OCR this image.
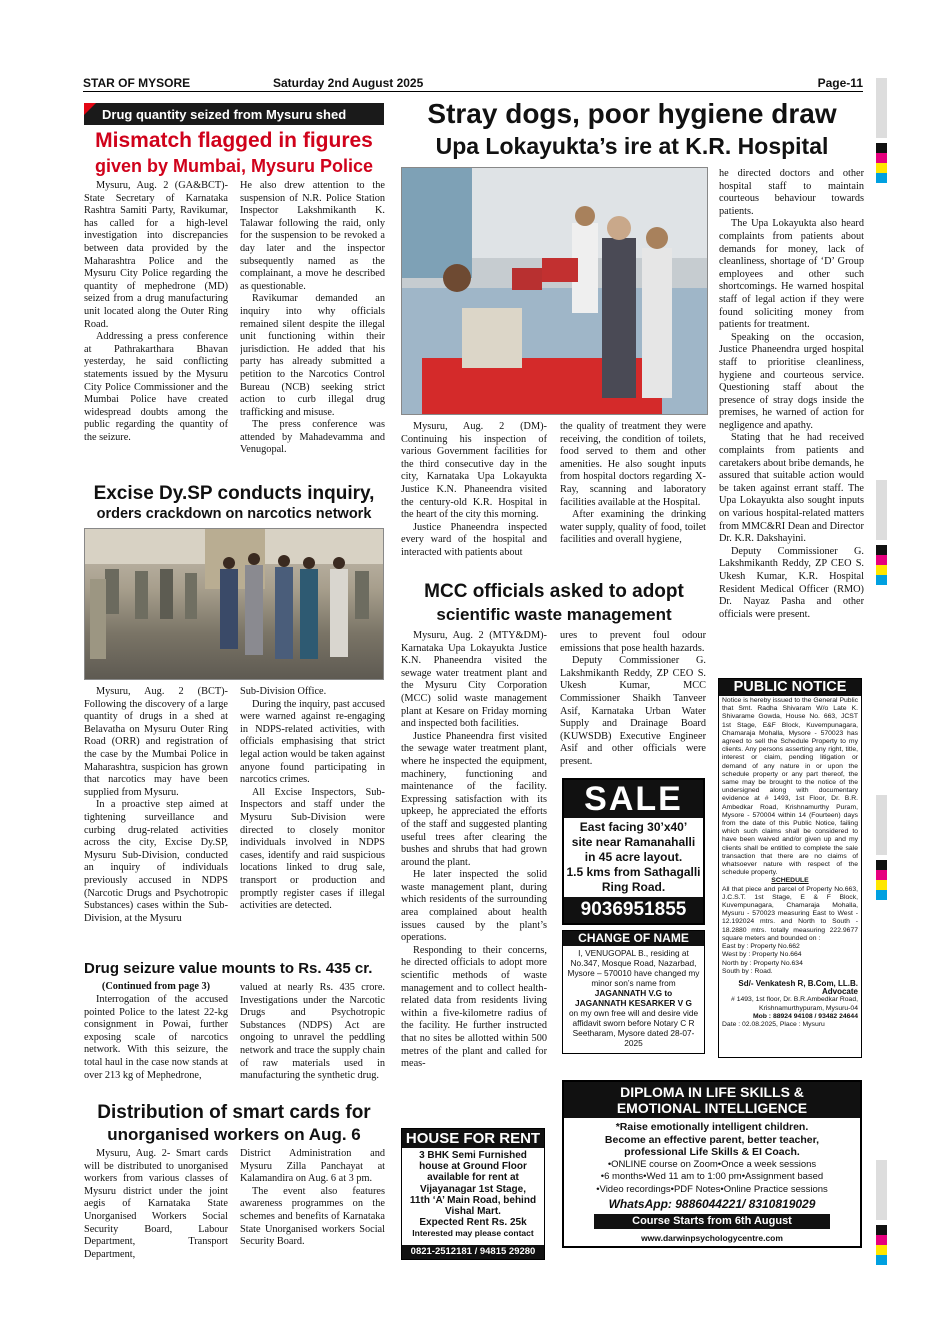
STAR OF MYSORE	Saturday 2nd August 2025	Page-11
Drug quantity seized from Mysuru shed
Mismatch flagged in figures
given by Mumbai, Mysuru Police

Mysuru, Aug. 2 (GA&BCT)- State Secretary of Karnataka Rashtra Samiti Party, Ravikumar, has called for a high-level investigation into discrepancies between data provided by the Maharashtra Police and the Mysuru City Police regarding the quantity of mephedrone (MD) seized from a drug manufacturing unit located along the Outer Ring Road.

Addressing a press conference at Pathrakarthara Bhavan yesterday, he said conflicting statements issued by the Mysuru City Police Commissioner and the Mumbai Police have created widespread doubts among the public regarding the quantity of the seizure.

He also drew attention to the suspension of N.R. Police Station Inspector Lakshmikanth K. Talawar following the raid, only for the suspension to be revoked a day later and the inspector subsequently named as the complainant, a move he described as questionable.

Ravikumar demanded an inquiry into why officials remained silent despite the illegal unit functioning within their jurisdiction. He added that his party has already submitted a petition to the Narcotics Control Bureau (NCB) seeking strict action to curb illegal drug trafficking and misuse.

The press conference was attended by Mahadevamma and Venugopal.

Excise Dy.SP conducts inquiry,
orders crackdown on narcotics network

Mysuru, Aug. 2 (BCT)- Following the discovery of a large quantity of drugs in a shed at Belavatha on Mysuru Outer Ring Road (ORR) and registration of the case by the Mumbai Police in Maharashtra, suspicion has grown that narcotics may have been supplied from Mysuru.

In a proactive step aimed at tightening surveillance and curbing drug-related activities across the city, Excise Dy.SP, Mysuru Sub-Division, conducted an inquiry of individuals previously accused in NDPS (Narcotic Drugs and Psychotropic Substances) cases within the Sub-Division, at the Mysuru

Sub-Division Office.

During the inquiry, past accused were warned against re-engaging in NDPS-related activities, with officials emphasising that strict legal action would be taken against anyone found participating in narcotics crimes.

All Excise Inspectors, Sub-Inspectors and staff under the Mysuru Sub-Division were directed to closely monitor individuals involved in NDPS cases, identify and raid suspicious locations linked to drug sale, transport or production and promptly register cases if illegal activities are detected.

Drug seizure value mounts to Rs. 435 cr.
(Continued from page 3)

Interrogation of the accused pointed Police to the latest 22-kg consignment in Powai, further exposing scale of narcotics network. With this seizure, the total haul in the case now stands at over 213 kg of Mephedrone,

valued at nearly Rs. 435 crore. Investigations under the Narcotic Drugs and Psychotropic Substances (NDPS) Act are ongoing to unravel the peddling network and trace the supply chain of raw materials used in manufacturing the synthetic drug.

Distribution of smart cards for
unorganised workers on Aug. 6

Mysuru, Aug. 2- Smart cards will be distributed to unorganised workers from various classes of Mysuru district under the joint aegis of Karnataka State Unorganised Workers Social Security Board, Labour Department, Transport Department,

District Administration and Mysuru Zilla Panchayat at Kalamandira on Aug. 6 at 3 pm.

The event also features awareness programmes on the schemes and benefits of Karnataka State Unorganised workers Social Security Board.

Stray dogs, poor hygiene draw
Upa Lokayukta’s ire at K.R. Hospital

Mysuru, Aug. 2 (DM)- Continuing his inspection of various Government facilities for the third consecutive day in the city, Karnataka Upa Lokayukta Justice K.N. Phaneendra visited the century-old K.R. Hospital in the heart of the city this morning.

Justice Phaneendra inspected every ward of the hospital and interacted with patients about

the quality of treatment they were receiving, the condition of toilets, food served to them and other amenities. He also sought inputs from hospital doctors regarding X-Ray, scanning and laboratory facilities available at the Hospital.

After examining the drinking water supply, quality of food, toilet facilities and overall hygiene,

he directed doctors and other hospital staff to maintain courteous behaviour towards patients.

The Upa Lokayukta also heard complaints from patients about demands for money, lack of cleanliness, shortage of ‘D’ Group employees and other such shortcomings. He warned hospital staff of legal action if they were found soliciting money from patients for treatment.

Speaking on the occasion, Justice Phaneendra urged hospital staff to prioritise cleanliness, hygiene and courteous service. Questioning staff about the presence of stray dogs inside the premises, he warned of action for negligence and apathy.

Stating that he had received complaints from patients and caretakers about bribe demands, he assured that suitable action would be taken against errant staff. The Upa Lokayukta also sought inputs on various hospital-related matters from MMC&RI Dean and Director Dr. K.R. Dakshayini.

Deputy Commissioner G. Lakshmikanth Reddy, ZP CEO S. Ukesh Kumar, K.R. Hospital Resident Medical Officer (RMO) Dr. Nayaz Pasha and other officials were present.

MCC officials asked to adopt
scientific waste management

Mysuru, Aug. 2 (MTY&DM)- Karnataka Upa Lokayukta Justice K.N. Phaneendra visited the sewage water treatment plant and the Mysuru City Corporation (MCC) solid waste management plant at Kesare on Friday morning and inspected both facilities.

Justice Phaneendra first visited the sewage water treatment plant, where he inspected the equipment, machinery, functioning and maintenance of the facility. Expressing satisfaction with its upkeep, he appreciated the efforts of the staff and suggested planting useful trees after clearing the bushes and shrubs that had grown around the plant.

He later inspected the solid waste management plant, during which residents of the surrounding area complained about health issues caused by the plant’s operations.

Responding to their concerns, he directed officials to adopt more scientific methods of waste management and to collect health-related data from residents living within a five-kilometre radius of the facility. He further instructed that no sites be allotted within 500 metres of the plant and called for meas-

ures to prevent foul odour emissions that pose health hazards.

Deputy Commissioner G. Lakshmikanth Reddy, ZP CEO S. Ukesh Kumar, MCC Commissioner Shaikh Tanveer Asif, Karnataka Urban Water Supply and Drainage Board (KUWSDB) Executive Engineer Asif and other officials were present.

SALE
East facing 30’x40’
site near Ramanahalli
in 45 acre layout.
1.5 kms from Sathagalli
Ring Road.
9036951855
CHANGE OF NAME
I, VENUGOPAL B., residing at No.347, Mosque Road, Nazarbad, Mysore – 570010 have changed my minor son’s name from
JAGANNATH V.G to
JAGANNATH KESARKER V G
on my own free will and desire vide affidavit sworn before Notary C R Seetharam, Mysore dated 28-07-2025
HOUSE FOR RENT
3 BHK Semi Furnished
house at Ground Floor
available for rent at
Vijayanagar 1st Stage,
11th ‘A’ Main Road, behind
Vishal Mart.
Expected Rent Rs. 25k
Interested may please contact
0821-2512181 / 94815 29280
PUBLIC NOTICE
Notice is hereby issued to the General Public that Smt. Radha Shivaram W/o Late K. Shivarame Gowda, House No. 663, JCST 1st Stage, E&F Block, Kuvempunagara, Chamaraja Mohalla, Mysore - 570023 has agreed to sell the Schedule Property to my clients. Any persons asserting any right, title, interest or claim, pending litigation or demand of any nature in or upon the schedule property or any part thereof, the same may be brought to the notice of the undersigned along with documentary evidence at # 1493, 1st Floor, Dr. B.R. Ambedkar Road, Krishnamurthy Puram, Mysore - 570004 within 14 (Fourteen) days from the date of this Public Notice, failing which such claims shall be considered to have been waived and/or given up and my clients shall be entitled to complete the sale transaction that there are no claims of whatsoever nature with respect of the schedule property.
SCHEDULE
All that piece and parcel of Property No.663, J.C.S.T. 1st Stage, E & F Block, Kuvempunagara, Chamaraja Mohalla, Mysuru - 570023 measuring East to West - 12.192024 mtrs. and North to South - 18.2880 mtrs. totally measuring 222.9677 square meters and bounded on :
East by : Property No.662
West by : Property No.664
North by : Property No.634
South by : Road.
Sd/- Venkatesh R, B.Com, LL.B.
Advocate
# 1493, 1st floor, Dr. B.R.Ambedkar Road,
Krishnamurthypuram, Mysuru-04
Mob : 88924 94108 / 93482 24644
Date : 02.08.2025, Place : Mysuru
DIPLOMA IN LIFE SKILLS &
EMOTIONAL INTELLIGENCE
*Raise emotionally intelligent children.
Become an effective parent, better teacher,
professional Life Skills & EI Coach.
•ONLINE course on Zoom•Once a week sessions
•6 months•Wed 11 am to 1:00 pm•Assignment based
•Video recordings•PDF Notes•Online Practice sessions
WhatsApp: 9886044221/ 8310819029
Course Starts from 6th August
www.darwinpsychologycentre.com
